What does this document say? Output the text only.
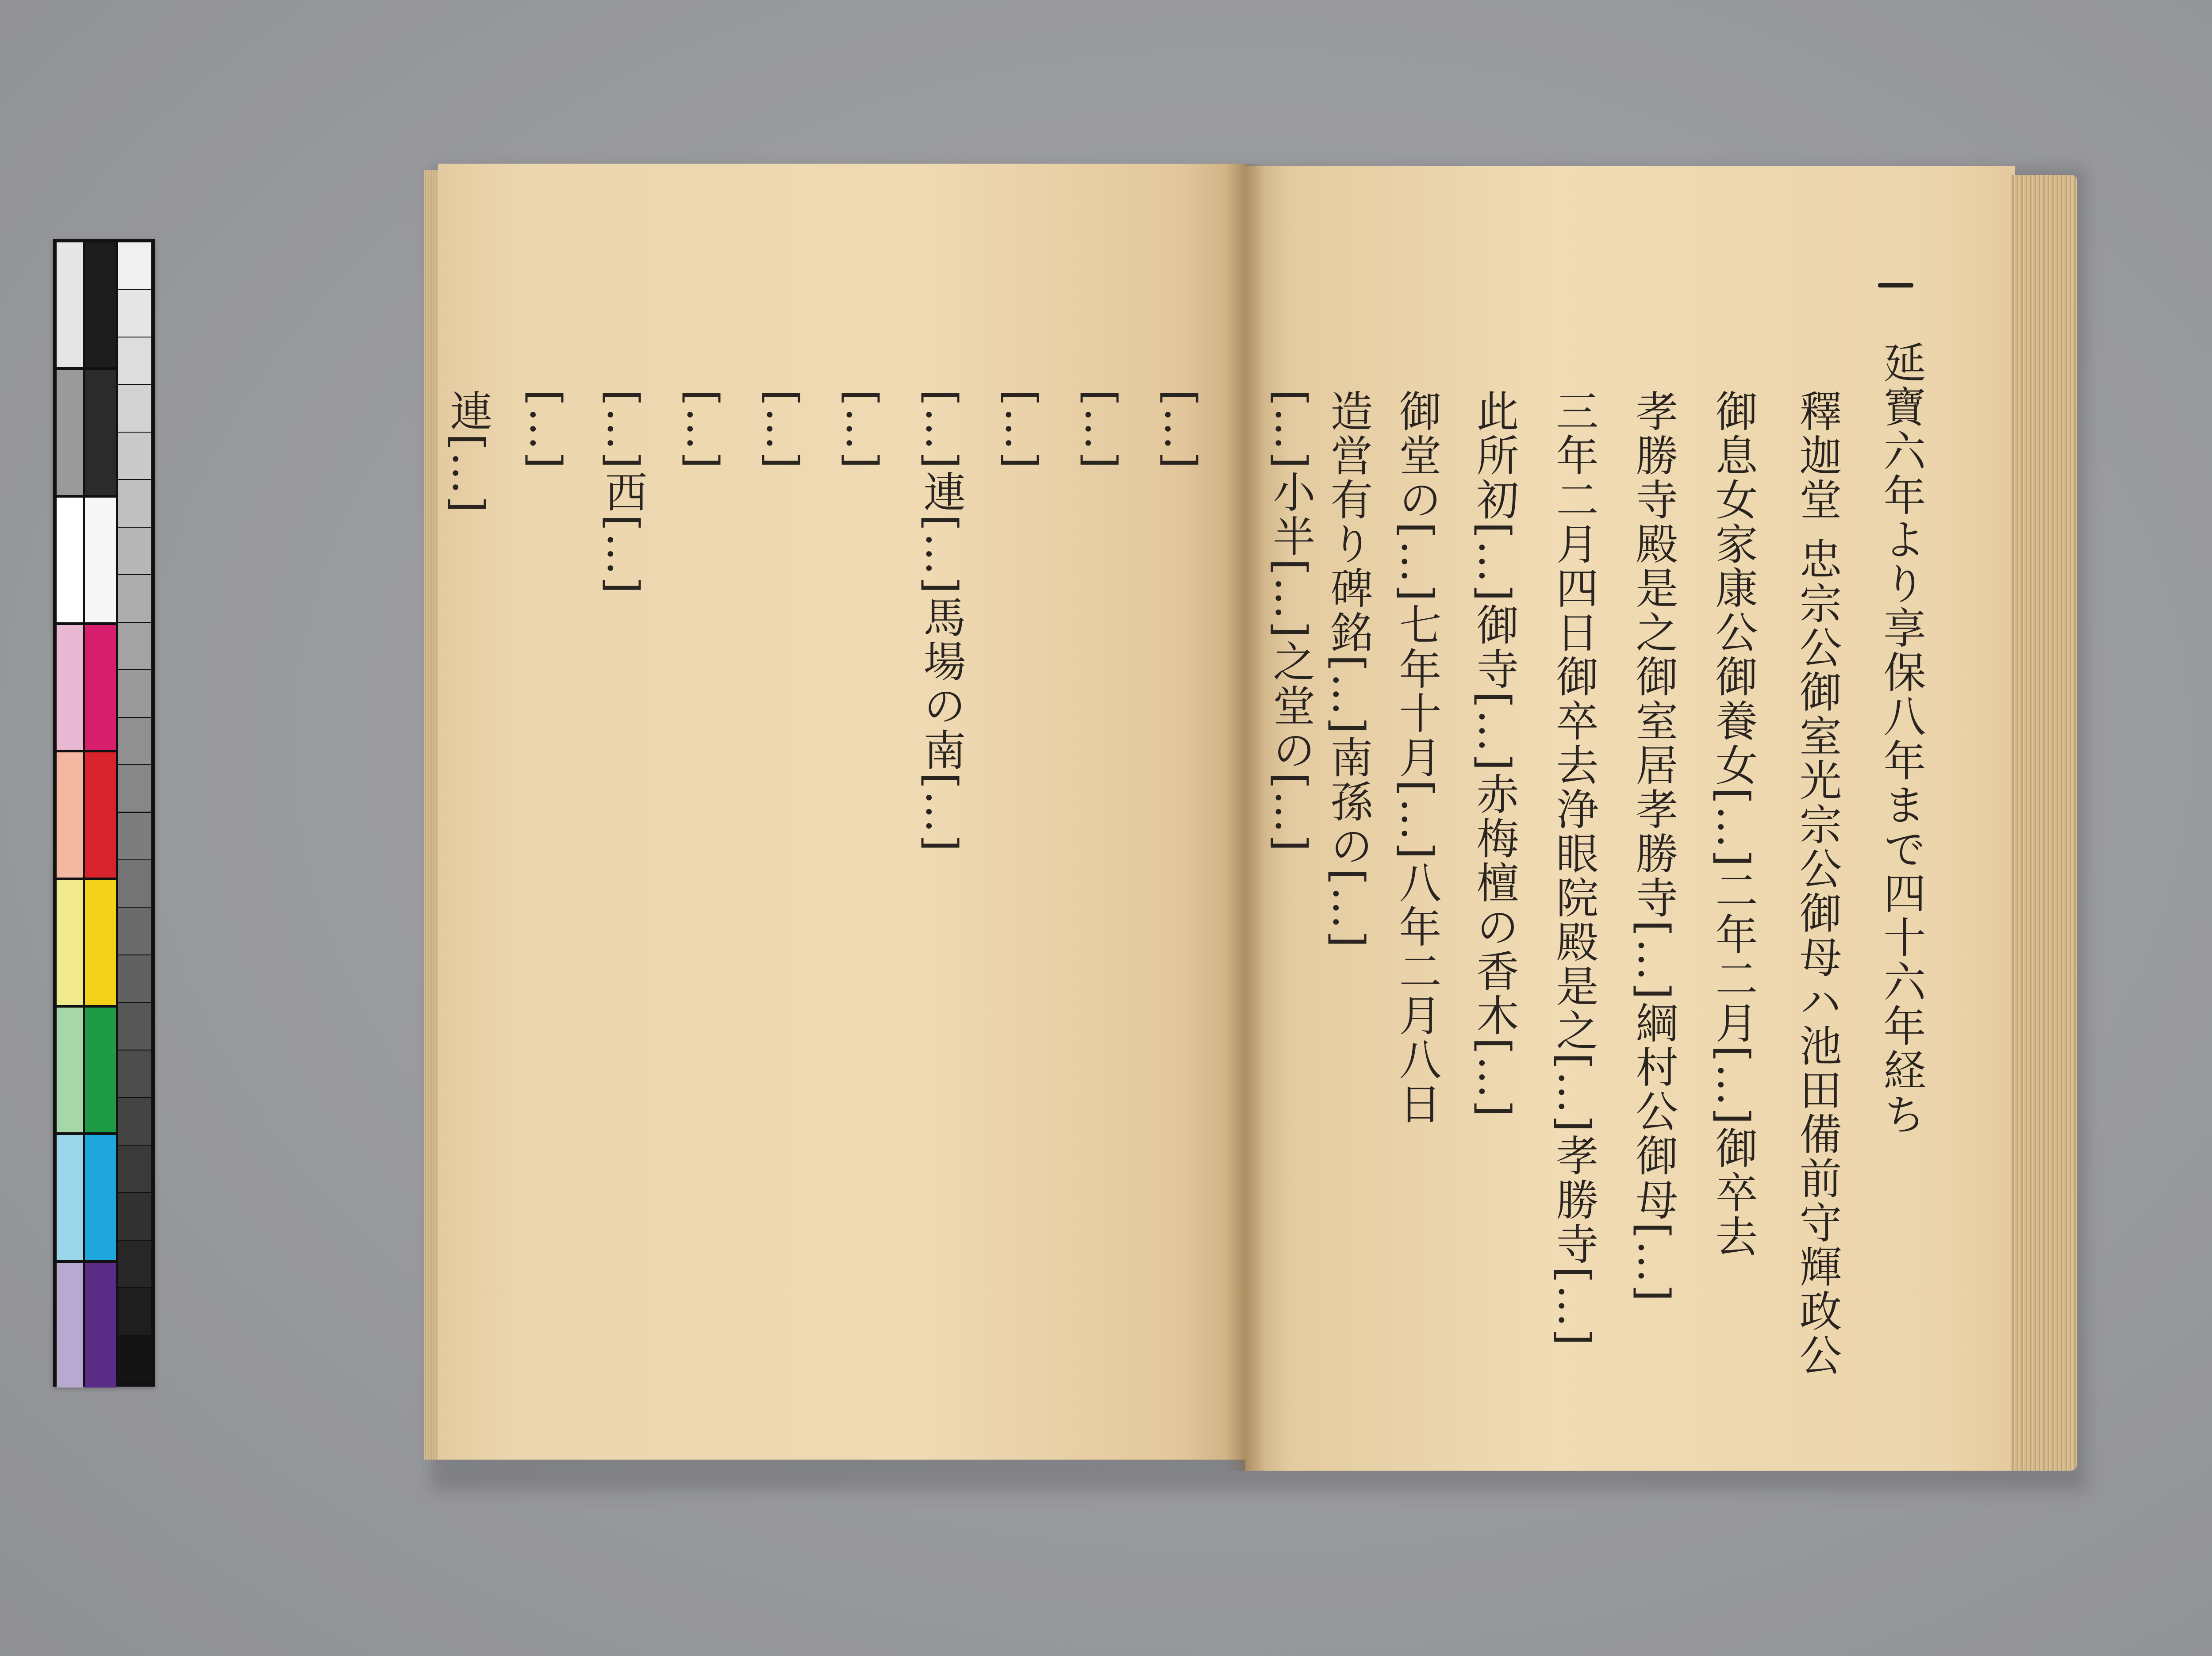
延寶六年より享保八年まで四十六年経ち
釋迦堂 忠宗公御室光宗公御母ハ池田備前守輝政公
御息女家康公御養女[…]二年二月[…]御卒去
孝勝寺殿是之御室居孝勝寺[…]綱村公御母[…]
三年二月四日御卒去浄眼院殿是之[…]孝勝寺[…]
此所初[…]御寺[…]赤梅檀の香木[…]
御堂の[…]七年十月[…]八年二月八日
造営有り碑銘[…]南孫の[…]
[…]小半[…]之堂の[…]
[…]
[…]
[…]
[…]連[…]馬場の南[…]
[…]
[…]
[…]
[…]西[…]
[…]
連[…]
